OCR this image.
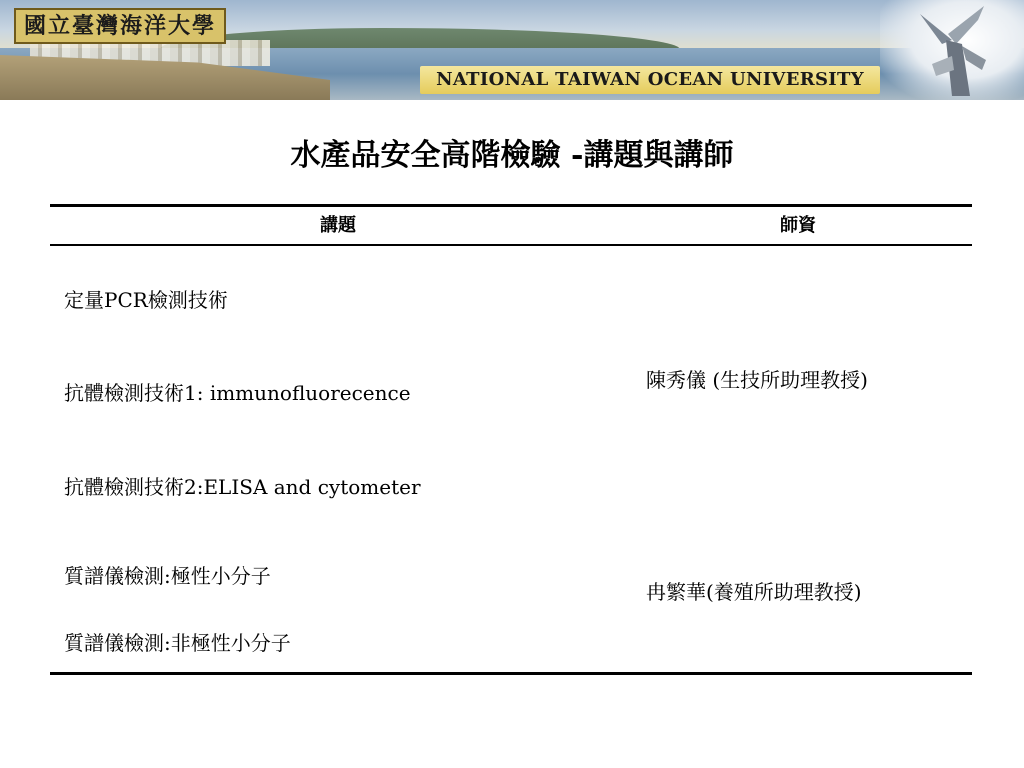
國立臺灣海洋大學
NATIONAL TAIWAN OCEAN UNIVERSITY
水產品安全高階檢驗 -講題與講師
講題	師資
定量PCR檢測技術
抗體檢測技術1: immunofluorecence
抗體檢測技術2:ELISA and cytometer
質譜儀檢測:極性小分子
質譜儀檢測:非極性小分子
陳秀儀 (生技所助理教授)
冉繁華(養殖所助理教授)
